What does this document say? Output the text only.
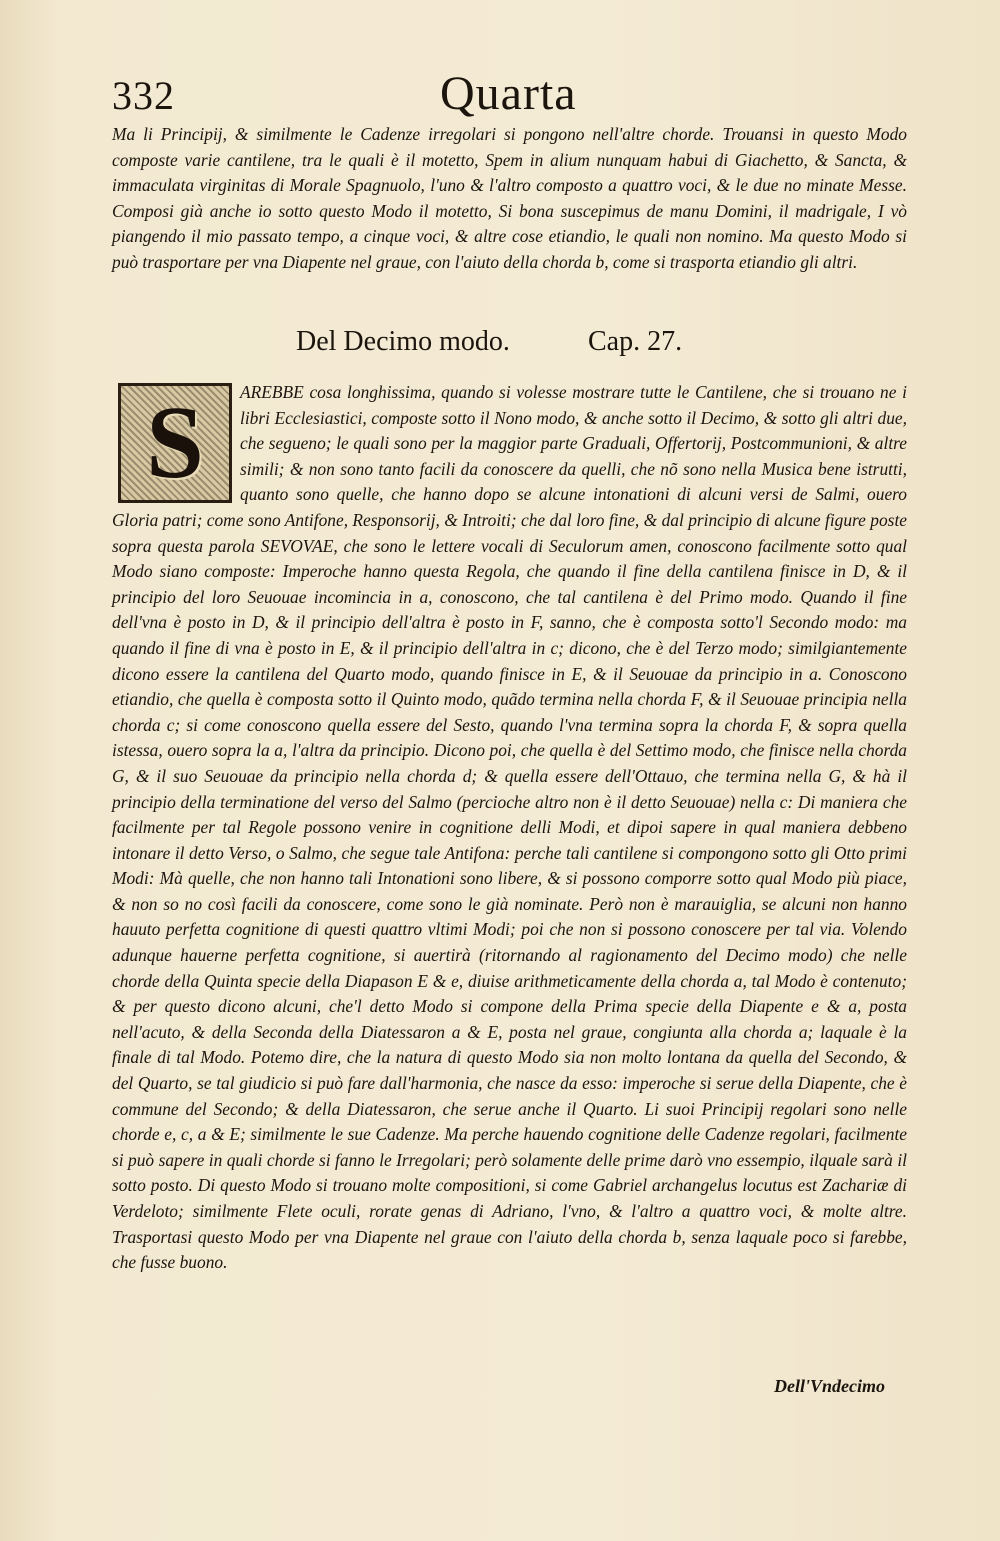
332	Quarta

Ma li Principij, & similmente le Cadenze irregolari si pongono nell'altre chorde. Trouansi in questo Modo composte varie cantilene, tra le quali è il motetto, Spem in alium nunquam habui di Giachetto, & Sancta, & immaculata virginitas di Morale Spagnuolo, l'uno & l'altro composto a quattro voci, & le due no minate Messe. Composi già anche io sotto questo Modo il motetto, Si bona suscepimus de manu Domini, il madrigale, I vò piangendo il mio passato tempo, a cinque voci, & altre cose etiandio, le quali non nomino. Ma questo Modo si può trasportare per vna Diapente nel graue, con l'aiuto della chorda b, come si trasporta etiandio gli altri.

Del Decimo modo.	Cap. 27.
S	AREBBE cosa longhissima, quando si volesse mostrare tutte le Cantilene, che si trouano ne i libri Ecclesiastici, composte sotto il Nono modo, & anche sotto il Decimo, & sotto gli altri due, che segueno; le quali sono per la maggior parte Graduali, Offertorij, Postcommunioni, & altre simili; & non sono tanto facili da conoscere da quelli, che nõ sono nella Musica bene istrutti, quanto sono quelle, che hanno dopo se alcune intonationi di alcuni versi de Salmi, ouero Gloria patri; come sono Antifone, Responsorij, & Introiti; che dal loro fine, & dal principio di alcune figure poste sopra questa parola SEVOVAE, che sono le lettere vocali di Seculorum amen, conoscono facilmente sotto qual Modo siano composte: Imperoche hanno questa Regola, che quando il fine della cantilena finisce in D, & il principio del loro Seuouae incomincia in a, conoscono, che tal cantilena è del Primo modo. Quando il fine dell'vna è posto in D, & il principio dell'altra è posto in F, sanno, che è composta sotto'l Secondo modo: ma quando il fine di vna è posto in E, & il principio dell'altra in c; dicono, che è del Terzo modo; similgiantemente dicono essere la cantilena del Quarto modo, quando finisce in E, & il Seuouae da principio in a. Conoscono etiandio, che quella è composta sotto il Quinto modo, quãdo termina nella chorda F, & il Seuouae principia nella chorda c; si come conoscono quella essere del Sesto, quando l'vna termina sopra la chorda F, & sopra quella istessa, ouero sopra la a, l'altra da principio. Dicono poi, che quella è del Settimo modo, che finisce nella chorda G, & il suo Seuouae da principio nella chorda d; & quella essere dell'Ottauo, che termina nella G, & hà il principio della terminatione del verso del Salmo (percioche altro non è il detto Seuouae) nella c: Di maniera che facilmente per tal Regole possono venire in cognitione delli Modi, et dipoi sapere in qual maniera debbeno intonare il detto Verso, o Salmo, che segue tale Antifona: perche tali cantilene si compongono sotto gli Otto primi Modi: Mà quelle, che non hanno tali Intonationi sono libere, & si possono comporre sotto qual Modo più piace, & non so no così facili da conoscere, come sono le già nominate. Però non è marauiglia, se alcuni non hanno hauuto perfetta cognitione di questi quattro vltimi Modi; poi che non si possono conoscere per tal via. Volendo adunque hauerne perfetta cognitione, si auertirà (ritornando al ragionamento del Decimo modo) che nelle chorde della Quinta specie della Diapason E & e, diuise arithmeticamente della chorda a, tal Modo è contenuto; & per questo dicono alcuni, che'l detto Modo si compone della Prima specie della Diapente e & a, posta nell'acuto, & della Seconda della Diatessaron a & E, posta nel graue, congiunta alla chorda a; laquale è la finale di tal Modo. Potemo dire, che la natura di questo Modo sia non molto lontana da quella del Secondo, & del Quarto, se tal giudicio si può fare dall'harmonia, che nasce da esso: imperoche si serue della Diapente, che è commune del Secondo; & della Diatessaron, che serue anche il Quarto. Li suoi Principij regolari sono nelle chorde e, c, a & E; similmente le sue Cadenze. Ma perche hauendo cognitione delle Cadenze regolari, facilmente si può sapere in quali chorde si fanno le Irregolari; però solamente delle prime darò vno essempio, ilquale sarà il sotto posto. Di questo Modo si trouano molte compositioni, si come Gabriel archangelus locutus est Zachariæ di Verdeloto; similmente Flete oculi, rorate genas di Adriano, l'vno, & l'altro a quattro voci, & molte altre. Trasportasi questo Modo per vna Diapente nel graue con l'aiuto della chorda b, senza laquale poco si farebbe, che fusse buono.
Dell'Vndecimo
